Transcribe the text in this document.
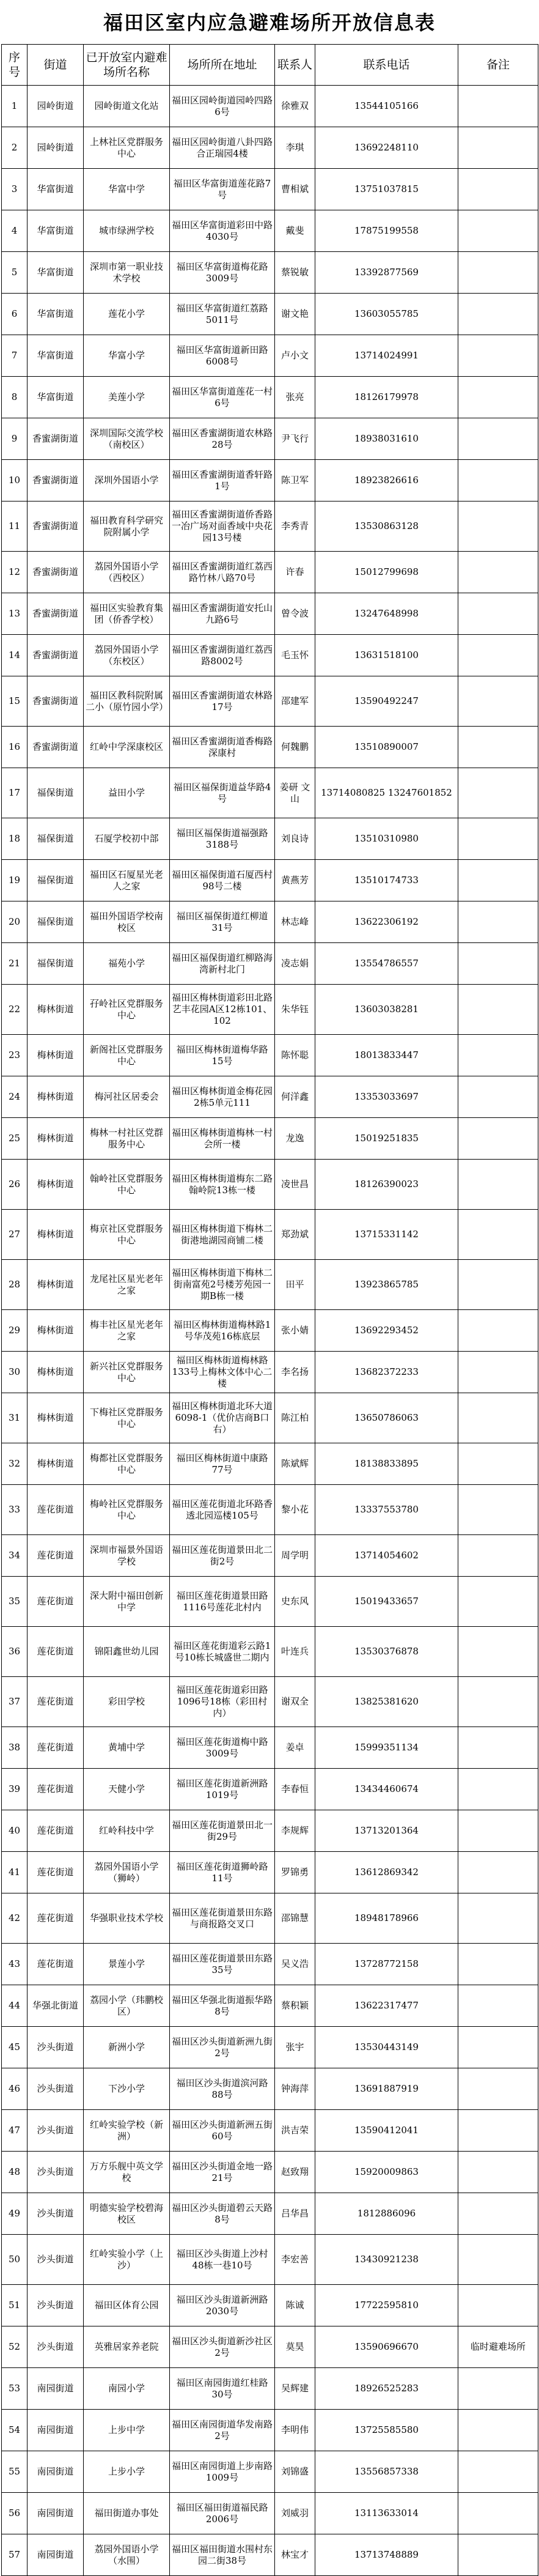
福田区室内应急避难场所开放信息表
序号	街道	已开放室内避难场所名称	场所所在地址	联系人	联系电话	备注
1	园岭街道	园岭街道文化站	福田区园岭街道园岭四路6号	徐雅双	13544105166	
2	园岭街道	上林社区党群服务中心	福田区园岭街道八卦四路合正瑞园4楼	李琪	13692248110	
3	华富街道	华富中学	福田区华富街道莲花路7号	曹相斌	13751037815	
4	华富街道	城市绿洲学校	福田区华富街道彩田中路4030号	戴斐	17875199558	
5	华富街道	深圳市第一职业技术学校	福田区华富街道梅花路3009号	蔡锐敏	13392877569	
6	华富街道	莲花小学	福田区华富街道红荔路5011号	谢文艳	13603055785	
7	华富街道	华富小学	福田区华富街道新田路6008号	卢小文	13714024991	
8	华富街道	美莲小学	福田区华富街道莲花一村6号	张亮	18126179978	
9	香蜜湖街道	深圳国际交流学校（南校区）	福田区香蜜湖街道农林路28号	尹飞行	18938031610	
10	香蜜湖街道	深圳外国语小学	福田区香蜜湖街道香轩路1号	陈卫军	18923826616	
11	香蜜湖街道	福田教育科学研究院附属小学	福田区香蜜湖街道侨香路一冶广场对面香域中央花园13号楼	李秀青	13530863128	
12	香蜜湖街道	荔园外国语小学（西校区）	福田区香蜜湖街道红荔西路竹林八路70号	许春	15012799698	
13	香蜜湖街道	福田区实验教育集团（侨香学校）	福田区香蜜湖街道安托山九路6号	曾令波	13247648998	
14	香蜜湖街道	荔园外国语小学（东校区）	福田区香蜜湖街道红荔西路8002号	毛玉怀	13631518100	
15	香蜜湖街道	福田区教科院附属二小（原竹园小学）	福田区香蜜湖街道农林路17号	邵建军	13590492247	
16	香蜜湖街道	红岭中学深康校区	福田区香蜜湖街道香梅路深康村	何魏鹏	13510890007	
17	福保街道	益田小学	福田区福保街道益华路4号	姜研 文山	13714080825 13247601852	
18	福保街道	石厦学校初中部	福田区福保街道福强路3188号	刘良诗	13510310980	
19	福保街道	福田区石厦星光老人之家	福田区福保街道石厦西村98号二楼	黄燕芳	13510174733	
20	福保街道	福田外国语学校南校区	福田区福保街道红柳道31号	林志峰	13622306192	
21	福保街道	福苑小学	福田区福保街道红柳路海湾新村北门	凌志娟	13554786557	
22	梅林街道	孖岭社区党群服务中心	福田区梅林街道彩田北路艺丰花园A区12栋101、102	朱华钰	13603038281	
23	梅林街道	新阁社区党群服务中心	福田区梅林街道梅华路15号	陈怀聪	18013833447	
24	梅林街道	梅河社区居委会	福田区梅林街道金梅花园2栋5单元111	何洋鑫	13353033697	
25	梅林街道	梅林一村社区党群服务中心	福田区梅林街道梅林一村会所一楼	龙逸	15019251835	
26	梅林街道	翰岭社区党群服务中心	福田区梅林街道梅东二路翰岭院13栋一楼	凌世昌	18126390023	
27	梅林街道	梅京社区党群服务中心	福田区梅林街道下梅林二街港地湖园商铺二楼	郑劲斌	13715331142	
28	梅林街道	龙尾社区星光老年之家	福田区梅林街道下梅林二街南富苑2号楼芳苑园一期B栋一楼	田平	13923865785	
29	梅林街道	梅丰社区星光老年之家	福田区梅林街道梅林路1号华茂苑16栋底层	张小婧	13692293452	
30	梅林街道	新兴社区党群服务中心	福田区梅林街道梅林路133号上梅林文体中心二楼	李名扬	13682372233	
31	梅林街道	下梅社区党群服务中心	福田区梅林街道北环大道6098-1（优价店商B口右）	陈江柏	13650786063	
32	梅林街道	梅都社区党群服务中心	福田区梅林街道中康路77号	陈斌辉	18138833895	
33	莲花街道	梅岭社区党群服务中心	福田区莲花街道北环路香透北园巡楼105号	黎小花	13337553780	
34	莲花街道	深圳市福景外国语学校	福田区莲花街道景田北二街2号	周学明	13714054602	
35	莲花街道	深大附中福田创新中学	福田区莲花街道景田路1116号莲花北村内	史东风	15019433657	
36	莲花街道	锦阳鑫世幼儿园	福田区莲花街道彩云路1号10栋长城盛世二期内	叶连兵	13530376878	
37	莲花街道	彩田学校	福田区莲花街道彩田路1096号18栋（彩田村内）	谢双全	13825381620	
38	莲花街道	黄埔中学	福田区莲花街道梅中路3009号	姜卓	15999351134	
39	莲花街道	天健小学	福田区莲花街道新洲路1019号	李春恒	13434460674	
40	莲花街道	红岭科技中学	福田区莲花街道景田北一街29号	李规辉	13713201364	
41	莲花街道	荔园外国语小学（狮岭）	福田区莲花街道狮岭路11号	罗锦勇	13612869342	
42	莲花街道	华强职业技术学校	福田区莲花街道景田东路与商报路交叉口	邵锦慧	18948178966	
43	莲花街道	景莲小学	福田区莲花街道景田东路35号	吴义浩	13728772158	
44	华强北街道	荔园小学（玮鹏校区）	福田区华强北街道振华路8号	蔡积颖	13622317477	
45	沙头街道	新洲小学	福田区沙头街道新洲九街2号	张宇	13530443149	
46	沙头街道	下沙小学	福田区沙头街道滨河路88号	钟海萍	13691887919	
47	沙头街道	红岭实验学校（新洲）	福田区沙头街道新洲五街60号	洪吉荣	13590412041	
48	沙头街道	万方乐舰中英文学校	福田区沙头街道金地一路21号	赵致翔	15920009863	
49	沙头街道	明德实验学校碧海校区	福田区沙头街道碧云天路8号	吕华昌	1812886096	
50	沙头街道	红岭实验小学（上沙）	福田区沙头街道上沙村48栋一巷10号	李宏善	13430921238	
51	沙头街道	福田区体育公园	福田区沙头街道新洲路2030号	陈诚	17722595810	
52	沙头街道	英雅居家养老院	福田区沙头街道新沙社区2号	莫昊	13590696670	临时避难场所
53	南园街道	南园小学	福田区南园街道红桂路30号	吴辉建	18926525283	
54	南园街道	上步中学	福田区南园街道华发南路2号	李明伟	13725585580	
55	南园街道	上步小学	福田区南园街道上步南路1009号	刘锦盛	13556857338	
56	南园街道	福田街道办事处	福田区福田街道福民路2006号	刘威羽	13113633014	
57	南园街道	荔园外国语小学（水围）	福田区福田街道水围村东园二街38号	林宝才	13713748889	
